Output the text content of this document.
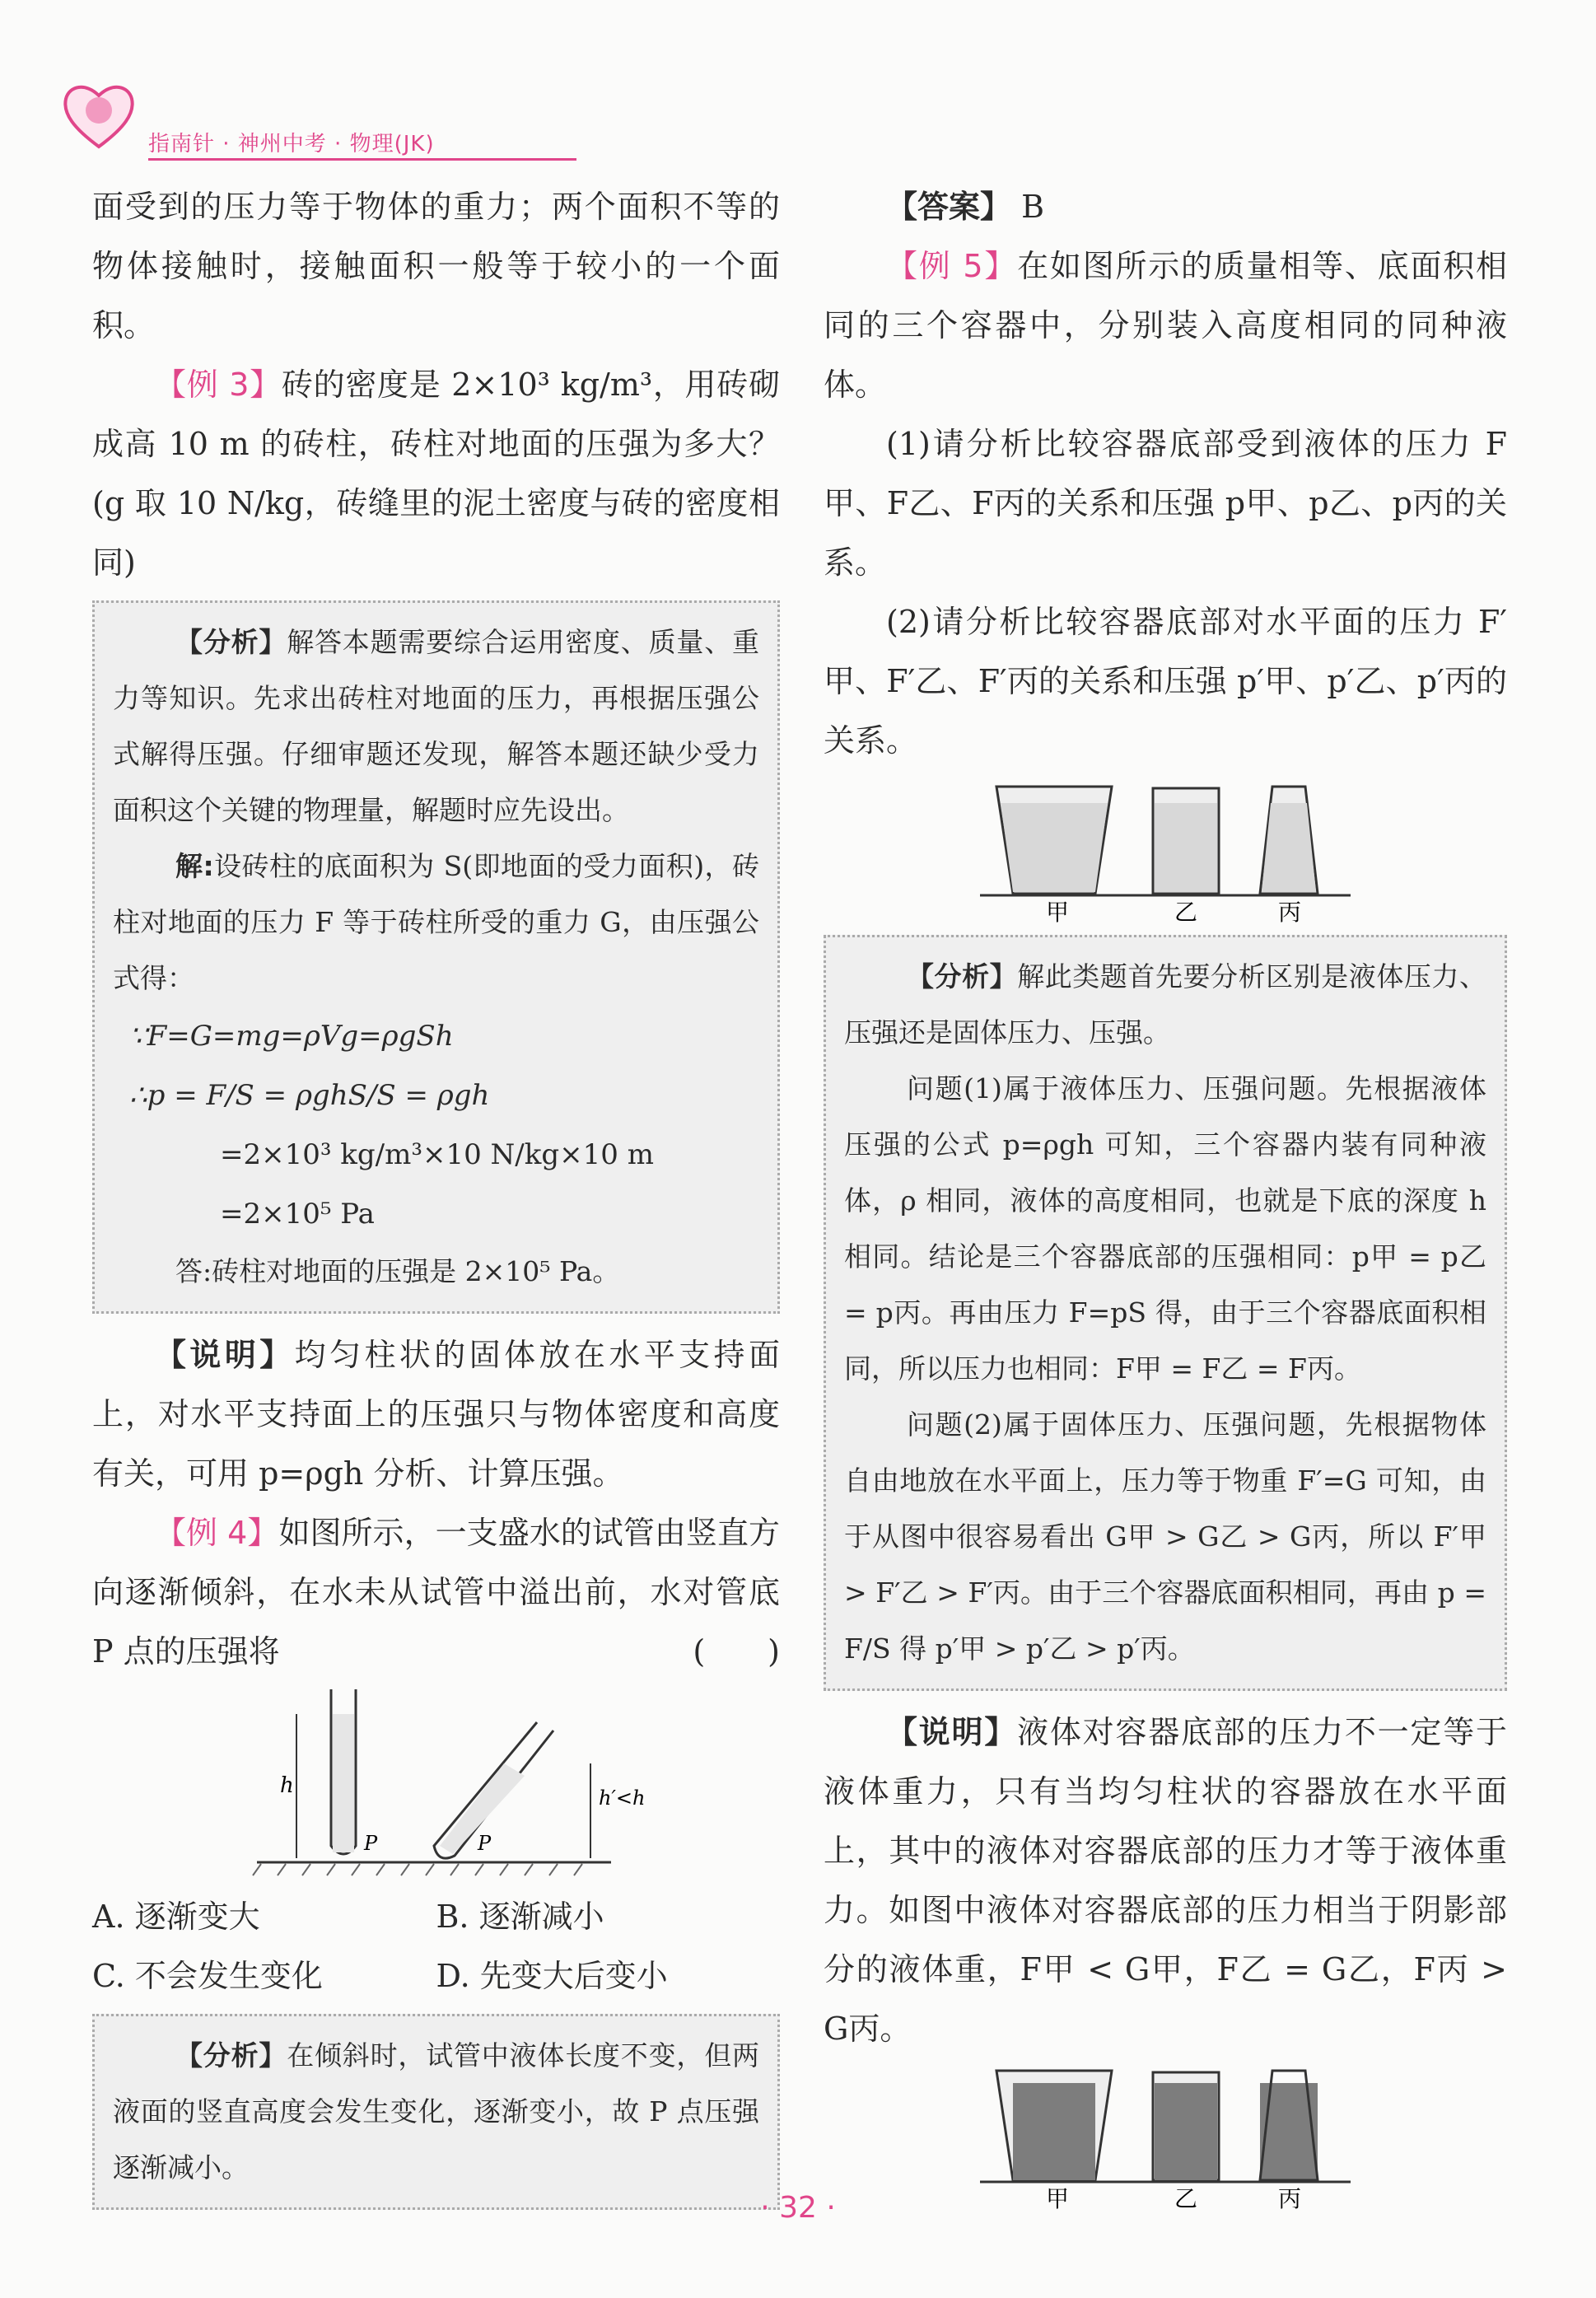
指南针 · 神州中考 · 物理(JK)

面受到的压力等于物体的重力；两个面积不等的物体接触时，接触面积一般等于较小的一个面积。

【例 3】砖的密度是 2×10³ kg/m³，用砖砌成高 10 m 的砖柱，砖柱对地面的压强为多大？(g 取 10 N/kg，砖缝里的泥土密度与砖的密度相同)

【分析】解答本题需要综合运用密度、质量、重力等知识。先求出砖柱对地面的压力，再根据压强公式解得压强。仔细审题还发现，解答本题还缺少受力面积这个关键的物理量，解题时应先设出。

解:设砖柱的底面积为 S(即地面的受力面积)，砖柱对地面的压力 F 等于砖柱所受的重力 G，由压强公式得：

∵F=G=mg=ρVg=ρgSh
∴p = F/S = ρghS/S = ρgh
=2×10³ kg/m³×10 N/kg×10 m
=2×10⁵ Pa

答:砖柱对地面的压强是 2×10⁵ Pa。

【说明】均匀柱状的固体放在水平支持面上，对水平支持面上的压强只与物体密度和高度有关，可用 p=ρgh 分析、计算压强。

【例 4】如图所示，一支盛水的试管由竖直方向逐渐倾斜，在水未从试管中溢出前，水对管底 P 点的压强将	(　　)

h
P
h′<h
P
A. 逐渐变大	B. 逐渐减小
C. 不会发生变化	D. 先变大后变小

【分析】在倾斜时，试管中液体长度不变，但两液面的竖直高度会发生变化，逐渐变小，故 P 点压强逐渐减小。

【答案】 B

【例 5】在如图所示的质量相等、底面积相同的三个容器中，分别装入高度相同的同种液体。

(1)请分析比较容器底部受到液体的压力 F甲、F乙、F丙的关系和压强 p甲、p乙、p丙的关系。

(2)请分析比较容器底部对水平面的压力 F′甲、F′乙、F′丙的关系和压强 p′甲、p′乙、p′丙的关系。

甲	乙	丙

【分析】解此类题首先要分析区别是液体压力、压强还是固体压力、压强。

问题(1)属于液体压力、压强问题。先根据液体压强的公式 p=ρgh 可知，三个容器内装有同种液体，ρ 相同，液体的高度相同，也就是下底的深度 h 相同。结论是三个容器底部的压强相同：p甲 = p乙 = p丙。再由压力 F=pS 得，由于三个容器底面积相同，所以压力也相同：F甲 = F乙 = F丙。

问题(2)属于固体压力、压强问题，先根据物体自由地放在水平面上，压力等于物重 F′=G 可知，由于从图中很容易看出 G甲 > G乙 > G丙，所以 F′甲 > F′乙 > F′丙。由于三个容器底面积相同，再由 p = F/S 得 p′甲 > p′乙 > p′丙。

【说明】液体对容器底部的压力不一定等于液体重力，只有当均匀柱状的容器放在水平面上，其中的液体对容器底部的压力才等于液体重力。如图中液体对容器底部的压力相当于阴影部分的液体重，F甲 < G甲，F乙 = G乙，F丙 > G丙。

甲	乙	丙
· 32 ·
